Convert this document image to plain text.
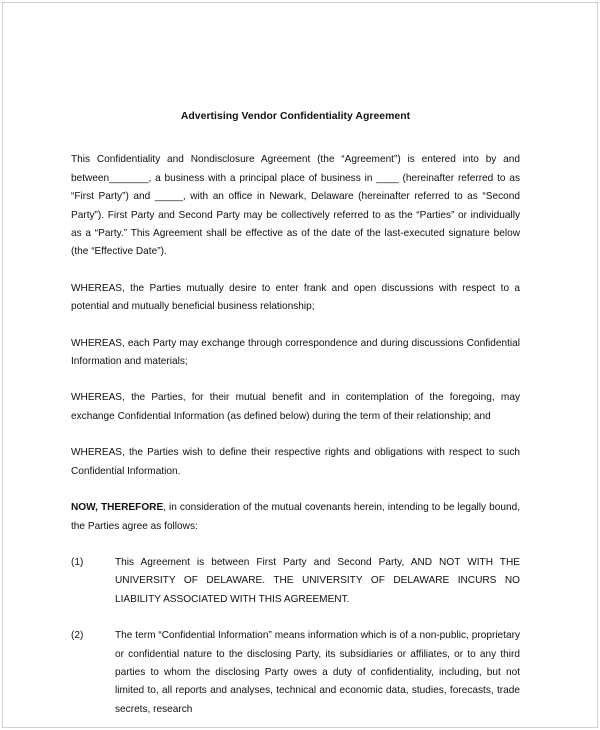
Advertising Vendor Confidentiality Agreement

This Confidentiality and Nondisclosure Agreement (the “Agreement”) is entered into by and between_______, a business with a principal place of business in ____ (hereinafter referred to as “First Party”) and _____, with an office in Newark, Delaware (hereinafter referred to as “Second Party”). First Party and Second Party may be collectively referred to as the “Parties” or individually as a “Party.” This Agreement shall be effective as of the date of the last-executed signature below (the “Effective Date”).

WHEREAS, the Parties mutually desire to enter frank and open discussions with respect to a potential and mutually beneficial business relationship;

WHEREAS, each Party may exchange through correspondence and during discussions Confidential Information and materials;

WHEREAS, the Parties, for their mutual benefit and in contemplation of the foregoing, may exchange Confidential Information (as defined below) during the term of their relationship; and

WHEREAS, the Parties wish to define their respective rights and obligations with respect to such Confidential Information.

NOW, THEREFORE, in consideration of the mutual covenants herein, intending to be legally bound, the Parties agree as follows:

(1)	This Agreement is between First Party and Second Party, AND NOT WITH THE UNIVERSITY OF DELAWARE. THE UNIVERSITY OF DELAWARE INCURS NO LIABILITY ASSOCIATED WITH THIS AGREEMENT.
(2)	The term “Confidential Information” means information which is of a non-public, proprietary or confidential nature to the disclosing Party, its subsidiaries or affiliates, or to any third parties to whom the disclosing Party owes a duty of confidentiality, including, but not limited to, all reports and analyses, technical and economic data, studies, forecasts, trade secrets, research
